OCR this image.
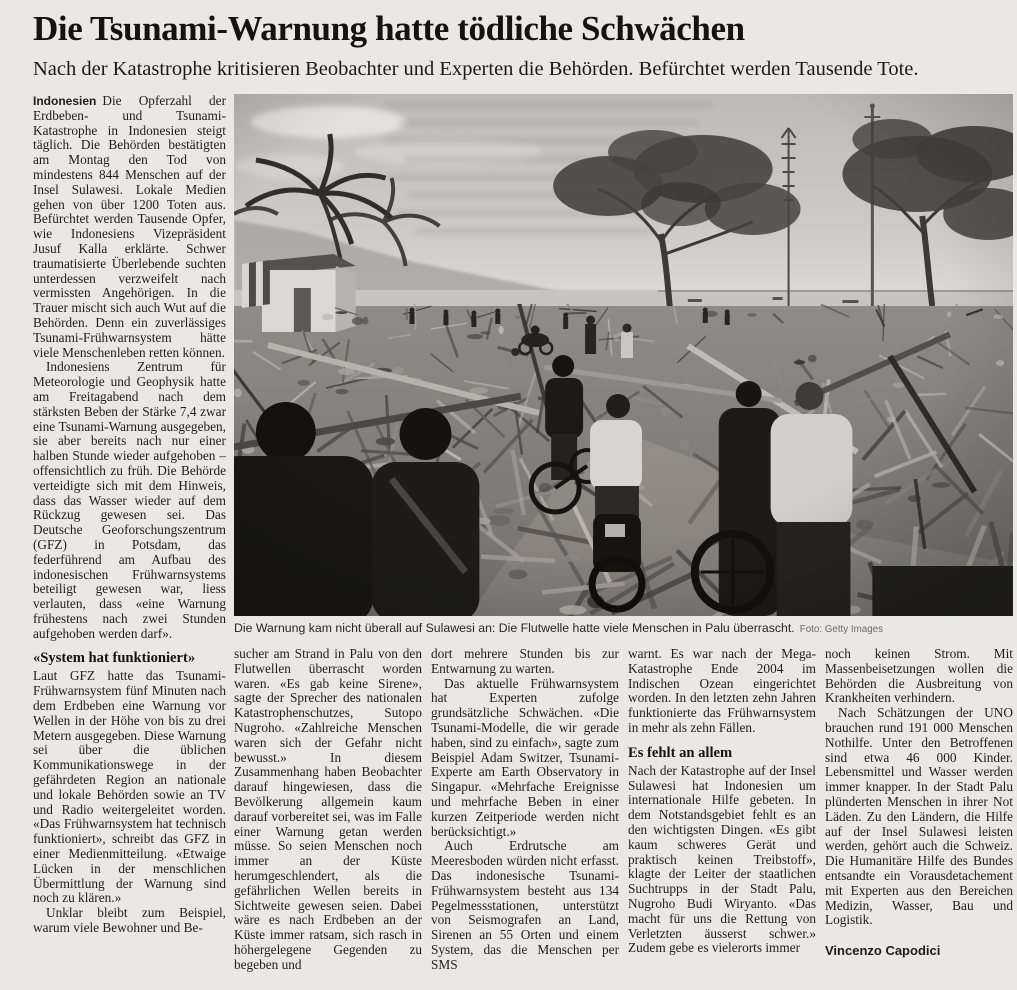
Die Tsunami-Warnung hatte tödliche Schwächen

Nach der Katastrophe kritisieren Beobachter und Experten die Behörden. Befürchtet werden Tausende Tote.

Indonesien Die Opferzahl der Erdbeben- und Tsunami-Katastrophe in Indonesien steigt täglich. Die Behörden bestätigten am Montag den Tod von mindestens 844 Menschen auf der Insel Sulawesi. Lokale Medien gehen von über 1200 Toten aus. Befürchtet werden Tausende Opfer, wie Indonesiens Vizepräsident Jusuf Kalla erklärte. Schwer traumatisierte Überlebende suchten unterdessen verzweifelt nach vermissten Angehörigen. In die Trauer mischt sich auch Wut auf die Behörden. Denn ein zuverlässiges Tsunami-Frühwarnsystem hätte viele Menschenleben retten können.

Indonesiens Zentrum für Meteorologie und Geophysik hatte am Freitagabend nach dem stärksten Beben der Stärke 7,4 zwar eine Tsunami-Warnung ausgegeben, sie aber bereits nach nur einer halben Stunde wieder aufgehoben – offensichtlich zu früh. Die Behörde verteidigte sich mit dem Hinweis, dass das Wasser wieder auf dem Rückzug gewesen sei. Das Deutsche Geoforschungszentrum (GFZ) in Potsdam, das federführend am Aufbau des indonesischen Frühwarnsystems beteiligt gewesen war, liess verlauten, dass «eine Warnung frühestens nach zwei Stunden aufgehoben werden darf».

«System hat funktioniert»

Laut GFZ hatte das Tsunami-Frühwarnsystem fünf Minuten nach dem Erdbeben eine Warnung vor Wellen in der Höhe von bis zu drei Metern ausgegeben. Diese Warnung sei über die üblichen Kommunikationswege in der gefährdeten Region an nationale und lokale Behörden sowie an TV und Radio weitergeleitet worden. «Das Frühwarnsystem hat technisch funktioniert», schreibt das GFZ in einer Medienmitteilung. «Etwaige Lücken in der menschlichen Übermittlung der Warnung sind noch zu klären.»

Unklar bleibt zum Beispiel, warum viele Bewohner und Be-

Die Warnung kam nicht überall auf Sulawesi an: Die Flutwelle hatte viele Menschen in Palu überrascht. Foto: Getty Images

sucher am Strand in Palu von den Flutwellen überrascht worden waren. «Es gab keine Sirene», sagte der Sprecher des nationalen Katastrophenschutzes, Sutopo Nugroho. «Zahlreiche Menschen waren sich der Gefahr nicht bewusst.» In diesem Zusammenhang haben Beobachter darauf hingewiesen, dass die Bevölkerung allgemein kaum darauf vorbereitet sei, was im Falle einer Warnung getan werden müsse. So seien Menschen noch immer an der Küste herumgeschlendert, als die gefährlichen Wellen bereits in Sichtweite gewesen seien. Dabei wäre es nach Erdbeben an der Küste immer ratsam, sich rasch in höhergelegene Gegenden zu begeben und

dort mehrere Stunden bis zur Entwarnung zu warten.

Das aktuelle Frühwarnsystem hat Experten zufolge grundsätzliche Schwächen. «Die Tsunami-Modelle, die wir gerade haben, sind zu einfach», sagte zum Beispiel Adam Switzer, Tsunami-Experte am Earth Observatory in Singapur. «Mehrfache Ereignisse und mehrfache Beben in einer kurzen Zeitperiode werden nicht berücksichtigt.»

Auch Erdrutsche am Meeresboden würden nicht erfasst. Das indonesische Tsunami-Frühwarnsystem besteht aus 134 Pegelmessstationen, unterstützt von Seismografen an Land, Sirenen an 55 Orten und einem System, das die Menschen per SMS

warnt. Es war nach der Mega-Katastrophe Ende 2004 im Indischen Ozean eingerichtet worden. In den letzten zehn Jahren funktionierte das Frühwarnsystem in mehr als zehn Fällen.

Es fehlt an allem

Nach der Katastrophe auf der Insel Sulawesi hat Indonesien um internationale Hilfe gebeten. In dem Notstandsgebiet fehlt es an den wichtigsten Dingen. «Es gibt kaum schweres Gerät und praktisch keinen Treibstoff», klagte der Leiter der staatlichen Suchtrupps in der Stadt Palu, Nugroho Budi Wiryanto. «Das macht für uns die Rettung von Verletzten äusserst schwer.» Zudem gebe es vielerorts immer

noch keinen Strom. Mit Massenbeisetzungen wollen die Behörden die Ausbreitung von Krankheiten verhindern.

Nach Schätzungen der UNO brauchen rund 191 000 Menschen Nothilfe. Unter den Betroffenen sind etwa 46 000 Kinder. Lebensmittel und Wasser werden immer knapper. In der Stadt Palu plünderten Menschen in ihrer Not Läden. Zu den Ländern, die Hilfe auf der Insel Sulawesi leisten werden, gehört auch die Schweiz. Die Humanitäre Hilfe des Bundes entsandte ein Vorausdetachement mit Experten aus den Bereichen Medizin, Wasser, Bau und Logistik.

Vincenzo Capodici
